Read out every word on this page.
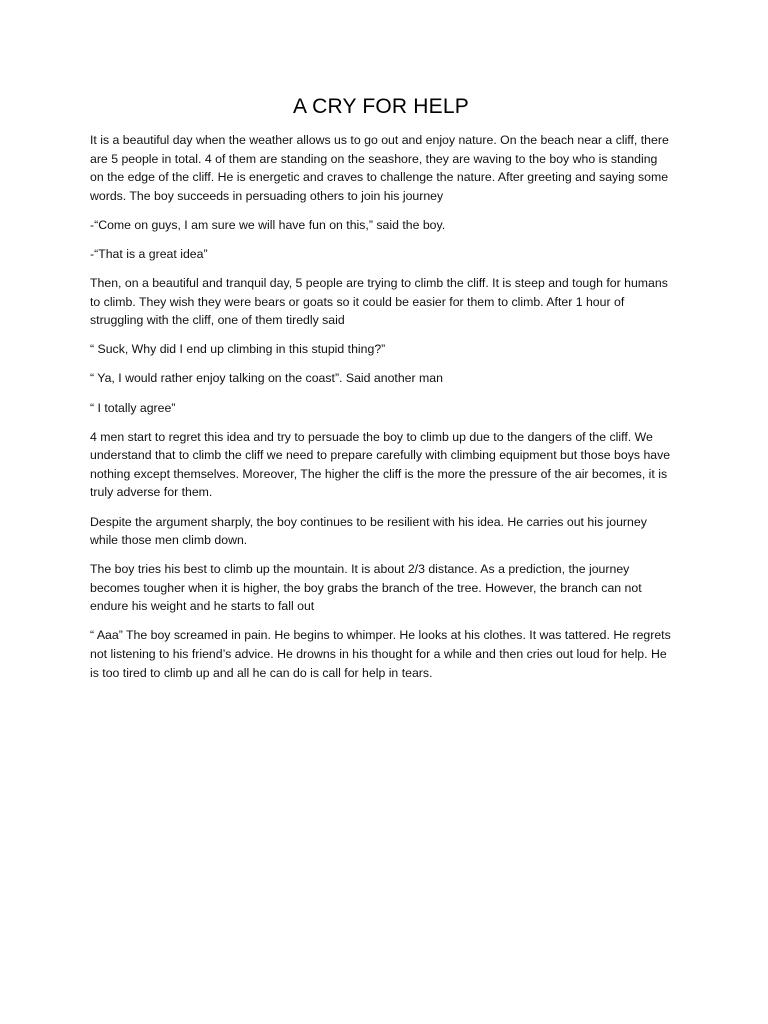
A CRY FOR HELP

It is a beautiful day when the weather allows us to go out and enjoy nature. On the beach near a cliff, there are 5 people in total. 4 of them are standing on the seashore, they are waving to the boy who is standing on the edge of the cliff. He is energetic and craves to challenge the nature. After greeting and saying some words. The boy succeeds in persuading others to join his journey

-“Come on guys, I am sure we will have fun on this,” said the boy.

-“That is a great idea”

Then, on a beautiful and tranquil day, 5 people are trying to climb the cliff. It is steep and tough for humans to climb. They wish they were bears or goats so it could be easier for them to climb. After 1 hour of struggling with the cliff, one of them tiredly said

“ Suck, Why did I end up climbing in this stupid thing?”

“ Ya, I would rather enjoy talking on the coast”. Said another man

“ I totally agree”

4 men start to regret this idea and try to persuade the boy to climb up due to the dangers of the cliff. We understand that to climb the cliff we need to prepare carefully with climbing equipment but those boys have nothing except themselves. Moreover, The higher the cliff is the more the pressure of the air becomes, it is truly adverse for them.

Despite the argument sharply, the boy continues to be resilient with his idea. He carries out his journey while those men climb down.

The boy tries his best to climb up the mountain. It is about 2/3 distance. As a prediction, the journey becomes tougher when it is higher, the boy grabs the branch of the tree. However, the branch can not endure his weight and he starts to fall out

“ Aaa” The boy screamed in pain. He begins to whimper. He looks at his clothes. It was tattered. He regrets not listening to his friend’s advice. He drowns in his thought for a while and then cries out loud for help. He is too tired to climb up and all he can do is call for help in tears.
